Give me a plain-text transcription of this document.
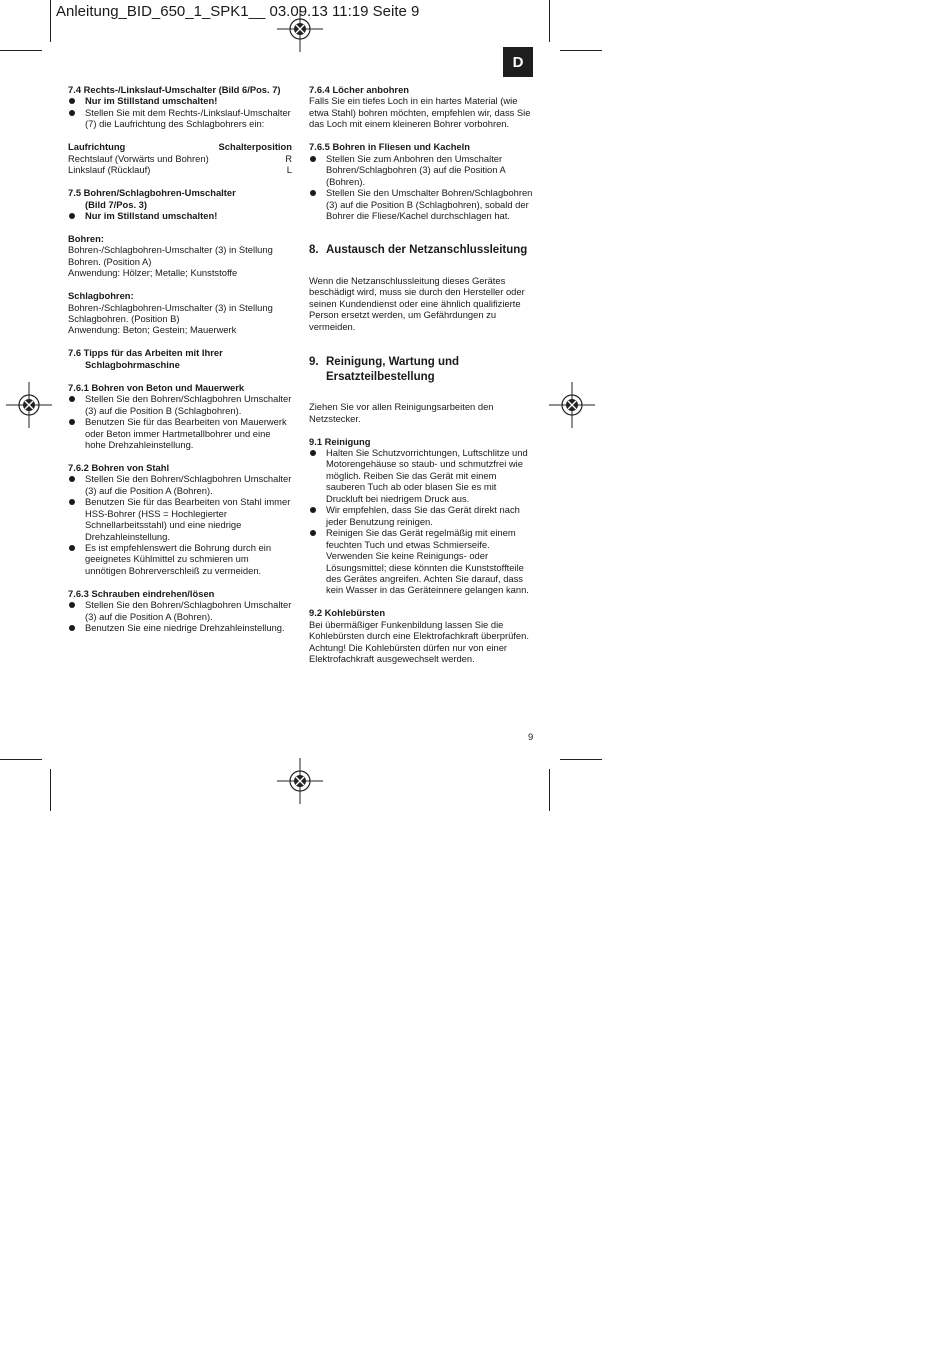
Anleitung_BID_650_1_SPK1__ 03.09.13 11:19 Seite 9
D
7.4 Rechts-/Linkslauf-Umschalter (Bild 6/Pos. 7)
Nur im Stillstand umschalten!
Stellen Sie mit dem Rechts-/Linkslauf-Umschalter (7) die Laufrichtung des Schlagbohrers ein:
Laufrichtung	Schalterposition
Rechtslauf (Vorwärts und Bohren)	R
Linkslauf (Rücklauf)	L
7.5 Bohren/Schlagbohren-Umschalter
(Bild 7/Pos. 3)
Nur im Stillstand umschalten!
Bohren:
Bohren-/Schlagbohren-Umschalter (3) in Stellung Bohren. (Position A)
Anwendung: Hölzer; Metalle; Kunststoffe
Schlagbohren:
Bohren-/Schlagbohren-Umschalter (3) in Stellung Schlagbohren. (Position B)
Anwendung: Beton; Gestein; Mauerwerk
7.6 Tipps für das Arbeiten mit Ihrer
Schlagbohrmaschine
7.6.1 Bohren von Beton und Mauerwerk
Stellen Sie den Bohren/Schlagbohren Umschalter (3) auf die Position B (Schlagbohren).
Benutzen Sie für das Bearbeiten von Mauerwerk oder Beton immer Hartmetallbohrer und eine hohe Drehzahleinstellung.
7.6.2 Bohren von Stahl
Stellen Sie den Bohren/Schlagbohren Umschalter (3) auf die Position A (Bohren).
Benutzen Sie für das Bearbeiten von Stahl immer HSS-Bohrer (HSS = Hochlegierter Schnellarbeitsstahl) und eine niedrige Drehzahleinstellung.
Es ist empfehlenswert die Bohrung durch ein geeignetes Kühlmittel zu schmieren um unnötigen Bohrerverschleiß zu vermeiden.
7.6.3 Schrauben eindrehen/lösen
Stellen Sie den Bohren/Schlagbohren Umschalter (3) auf die Position A (Bohren).
Benutzen Sie eine niedrige Drehzahleinstellung.
7.6.4 Löcher anbohren
Falls Sie ein tiefes Loch in ein hartes Material (wie etwa Stahl) bohren möchten, empfehlen wir, dass Sie das Loch mit einem kleineren Bohrer vorbohren.
7.6.5 Bohren in Fliesen und Kacheln
Stellen Sie zum Anbohren den Umschalter Bohren/Schlagbohren (3) auf die Position A (Bohren).
Stellen Sie den Umschalter Bohren/Schlagbohren (3) auf die Position B (Schlagbohren), sobald der Bohrer die Fliese/Kachel durchschlagen hat.
8. Austausch der Netzanschlussleitung
Wenn die Netzanschlussleitung dieses Gerätes beschädigt wird, muss sie durch den Hersteller oder seinen Kundendienst oder eine ähnlich qualifizierte Person ersetzt werden, um Gefährdungen zu vermeiden.
9. Reinigung, Wartung und Ersatzteilbestellung
Ziehen Sie vor allen Reinigungsarbeiten den Netzstecker.
9.1 Reinigung
Halten Sie Schutzvorrichtungen, Luftschlitze und Motorengehäuse so staub- und schmutzfrei wie möglich. Reiben Sie das Gerät mit einem sauberen Tuch ab oder blasen Sie es mit Druckluft bei niedrigem Druck aus.
Wir empfehlen, dass Sie das Gerät direkt nach jeder Benutzung reinigen.
Reinigen Sie das Gerät regelmäßig mit einem feuchten Tuch und etwas Schmierseife. Verwenden Sie keine Reinigungs- oder Lösungsmittel; diese könnten die Kunststoffteile des Gerätes angreifen. Achten Sie darauf, dass kein Wasser in das Geräteinnere gelangen kann.
9.2 Kohlebürsten
Bei übermäßiger Funkenbildung lassen Sie die Kohlebürsten durch eine Elektrofachkraft überprüfen. Achtung! Die Kohlebürsten dürfen nur von einer Elektrofachkraft ausgewechselt werden.
9
